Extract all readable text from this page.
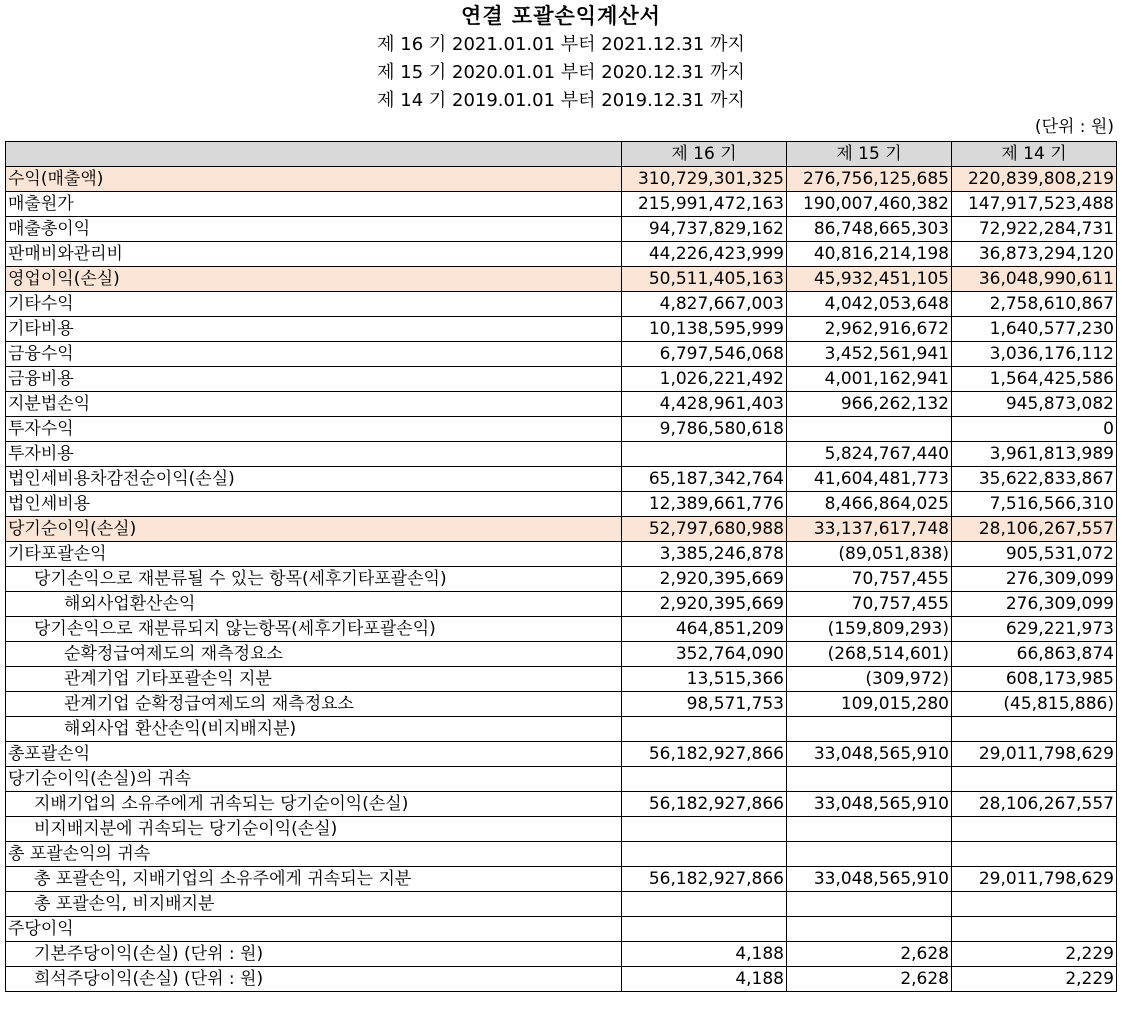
연결 포괄손익계산서
제 16 기 2021.01.01 부터 2021.12.31 까지
제 15 기 2020.01.01 부터 2020.12.31 까지
제 14 기 2019.01.01 부터 2019.12.31 까지
(단위 : 원)
	제 16 기	제 15 기	제 14 기
수익(매출액)	310,729,301,325	276,756,125,685	220,839,808,219
매출원가	215,991,472,163	190,007,460,382	147,917,523,488
매출총이익	94,737,829,162	86,748,665,303	72,922,284,731
판매비와관리비	44,226,423,999	40,816,214,198	36,873,294,120
영업이익(손실)	50,511,405,163	45,932,451,105	36,048,990,611
기타수익	4,827,667,003	4,042,053,648	2,758,610,867
기타비용	10,138,595,999	2,962,916,672	1,640,577,230
금융수익	6,797,546,068	3,452,561,941	3,036,176,112
금융비용	1,026,221,492	4,001,162,941	1,564,425,586
지분법손익	4,428,961,403	966,262,132	945,873,082
투자수익	9,786,580,618		0
투자비용		5,824,767,440	3,961,813,989
법인세비용차감전순이익(손실)	65,187,342,764	41,604,481,773	35,622,833,867
법인세비용	12,389,661,776	8,466,864,025	7,516,566,310
당기순이익(손실)	52,797,680,988	33,137,617,748	28,106,267,557
기타포괄손익	3,385,246,878	(89,051,838)	905,531,072
당기손익으로 재분류될 수 있는 항목(세후기타포괄손익)	2,920,395,669	70,757,455	276,309,099
해외사업환산손익	2,920,395,669	70,757,455	276,309,099
당기손익으로 재분류되지 않는항목(세후기타포괄손익)	464,851,209	(159,809,293)	629,221,973
순확정급여제도의 재측정요소	352,764,090	(268,514,601)	66,863,874
관계기업 기타포괄손익 지분	13,515,366	(309,972)	608,173,985
관계기업 순확정급여제도의 재측정요소	98,571,753	109,015,280	(45,815,886)
해외사업 환산손익(비지배지분)			
총포괄손익	56,182,927,866	33,048,565,910	29,011,798,629
당기순이익(손실)의 귀속			
지배기업의 소유주에게 귀속되는 당기순이익(손실)	56,182,927,866	33,048,565,910	28,106,267,557
비지배지분에 귀속되는 당기순이익(손실)			
총 포괄손익의 귀속			
총 포괄손익, 지배기업의 소유주에게 귀속되는 지분	56,182,927,866	33,048,565,910	29,011,798,629
총 포괄손익, 비지배지분			
주당이익			
기본주당이익(손실) (단위 : 원)	4,188	2,628	2,229
희석주당이익(손실) (단위 : 원)	4,188	2,628	2,229
